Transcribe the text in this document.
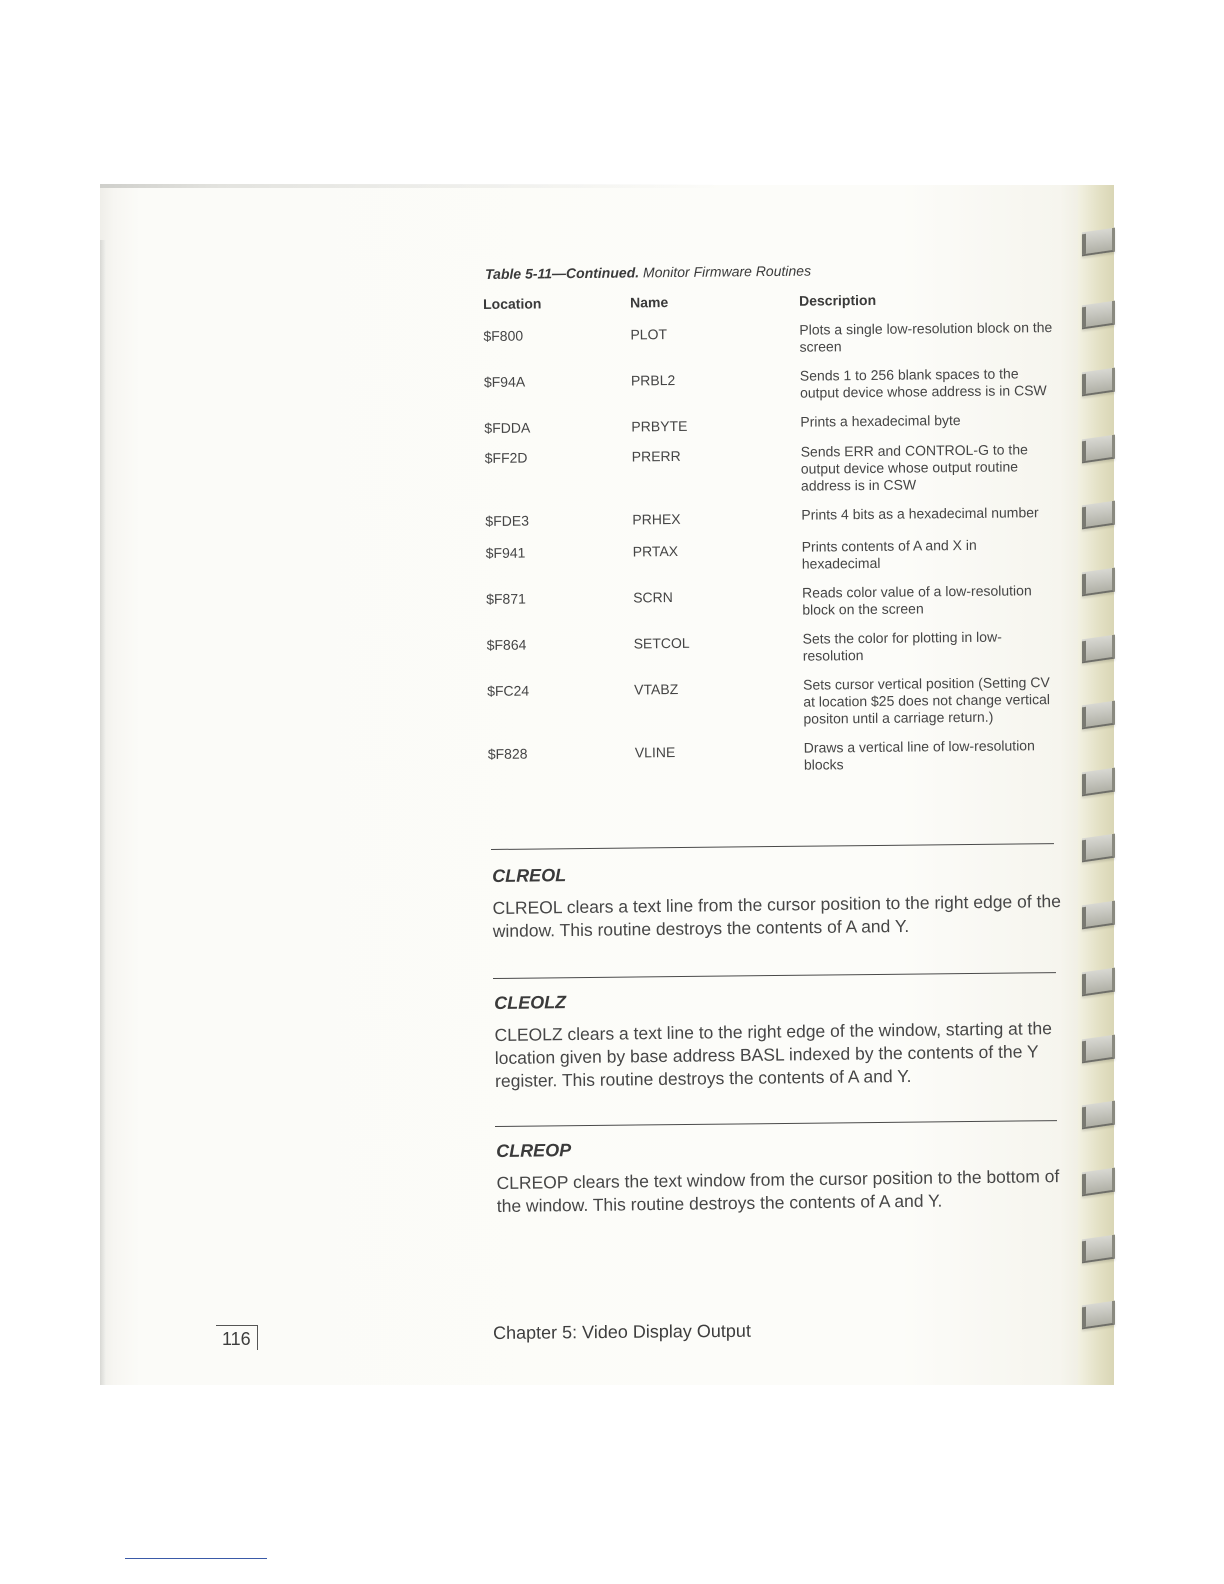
Table 5-11—Continued. Monitor Firmware Routines
Location	Name	Description
$F800	PLOT	Plots a single low-resolution block on the screen
$F94A	PRBL2	Sends 1 to 256 blank spaces to the output device whose address is in CSW
$FDDA	PRBYTE	Prints a hexadecimal byte
$FF2D	PRERR	Sends ERR and CONTROL-G to the output device whose output routine address is in CSW
$FDE3	PRHEX	Prints 4 bits as a hexadecimal number
$F941	PRTAX	Prints contents of A and X in hexadecimal
$F871	SCRN	Reads color value of a low-resolution block on the screen
$F864	SETCOL	Sets the color for plotting in low-resolution
$FC24	VTABZ	Sets cursor vertical position (Setting CV at location $25 does not change vertical positon until a carriage return.)
$F828	VLINE	Draws a vertical line of low-resolution blocks
CLREOL

CLREOL clears a text line from the cursor position to the right edge of the window. This routine destroys the contents of A and Y.

CLEOLZ

CLEOLZ clears a text line to the right edge of the window, starting at the location given by base address BASL indexed by the contents of the Y register. This routine destroys the contents of A and Y.

CLREOP

CLREOP clears the text window from the cursor position to the bottom of the window. This routine destroys the contents of A and Y.

116	Chapter 5: Video Display Output
